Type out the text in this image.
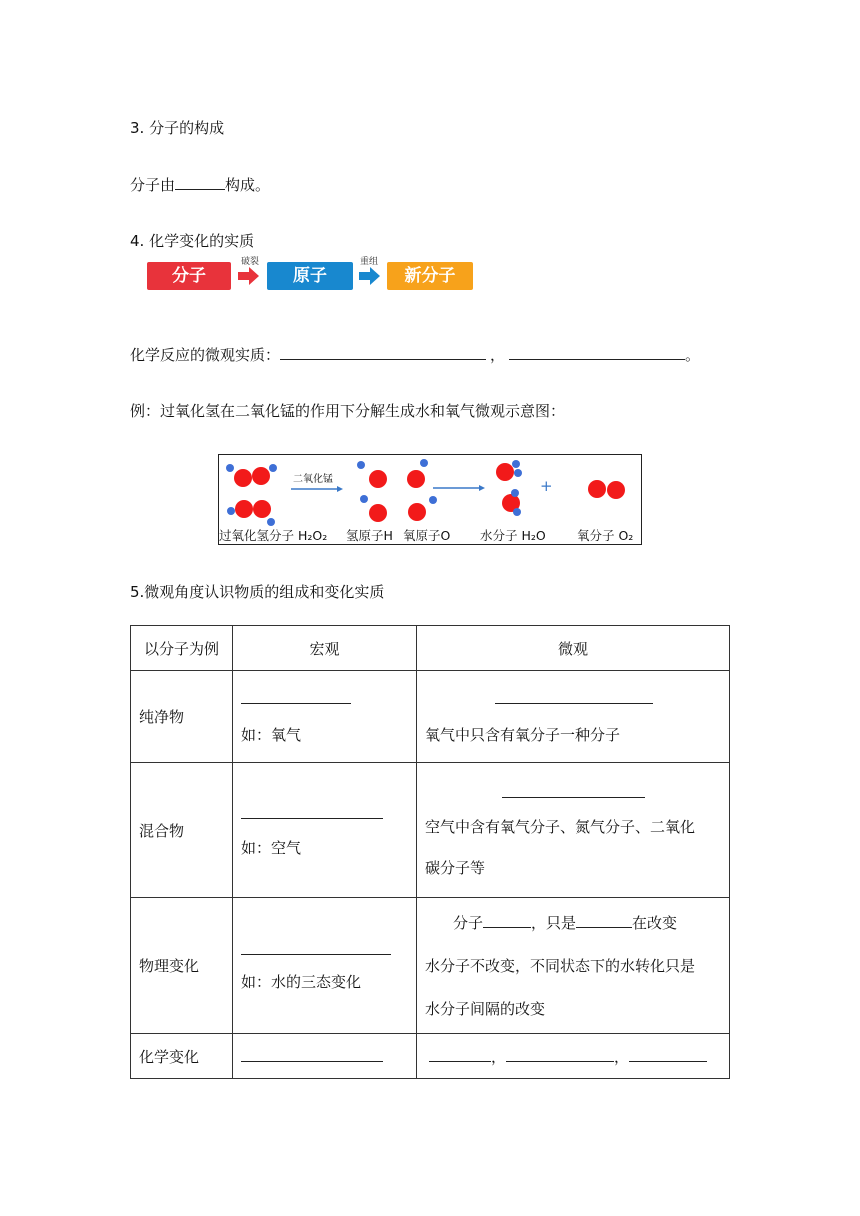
3. 分子的构成
分子由	构成。
4. 化学变化的实质
分子
破裂
原子
重组
新分子
化学反应的微观实质：	，	。
例：过氧化氢在二氧化锰的作用下分解生成水和氧气微观示意图：
二氧化锰	+
过氧化氢分子 H₂O₂ 氢原子H 氧原子O 水分子 H₂O	氧分子 O₂
5.微观角度认识物质的组成和变化实质
以分子为例	宏观	微观
纯净物	如：氧气	氧气中只含有氧分子一种分子

混合物	如：空气	空气中含有氧气分子、氮气分子、二氧化
碳分子等

物理变化	如：水的三态变化	分子 ，只是 在改变
水分子不改变，不同状态下的水转化只是
水分子间隔的改变

化学变化		， ，
